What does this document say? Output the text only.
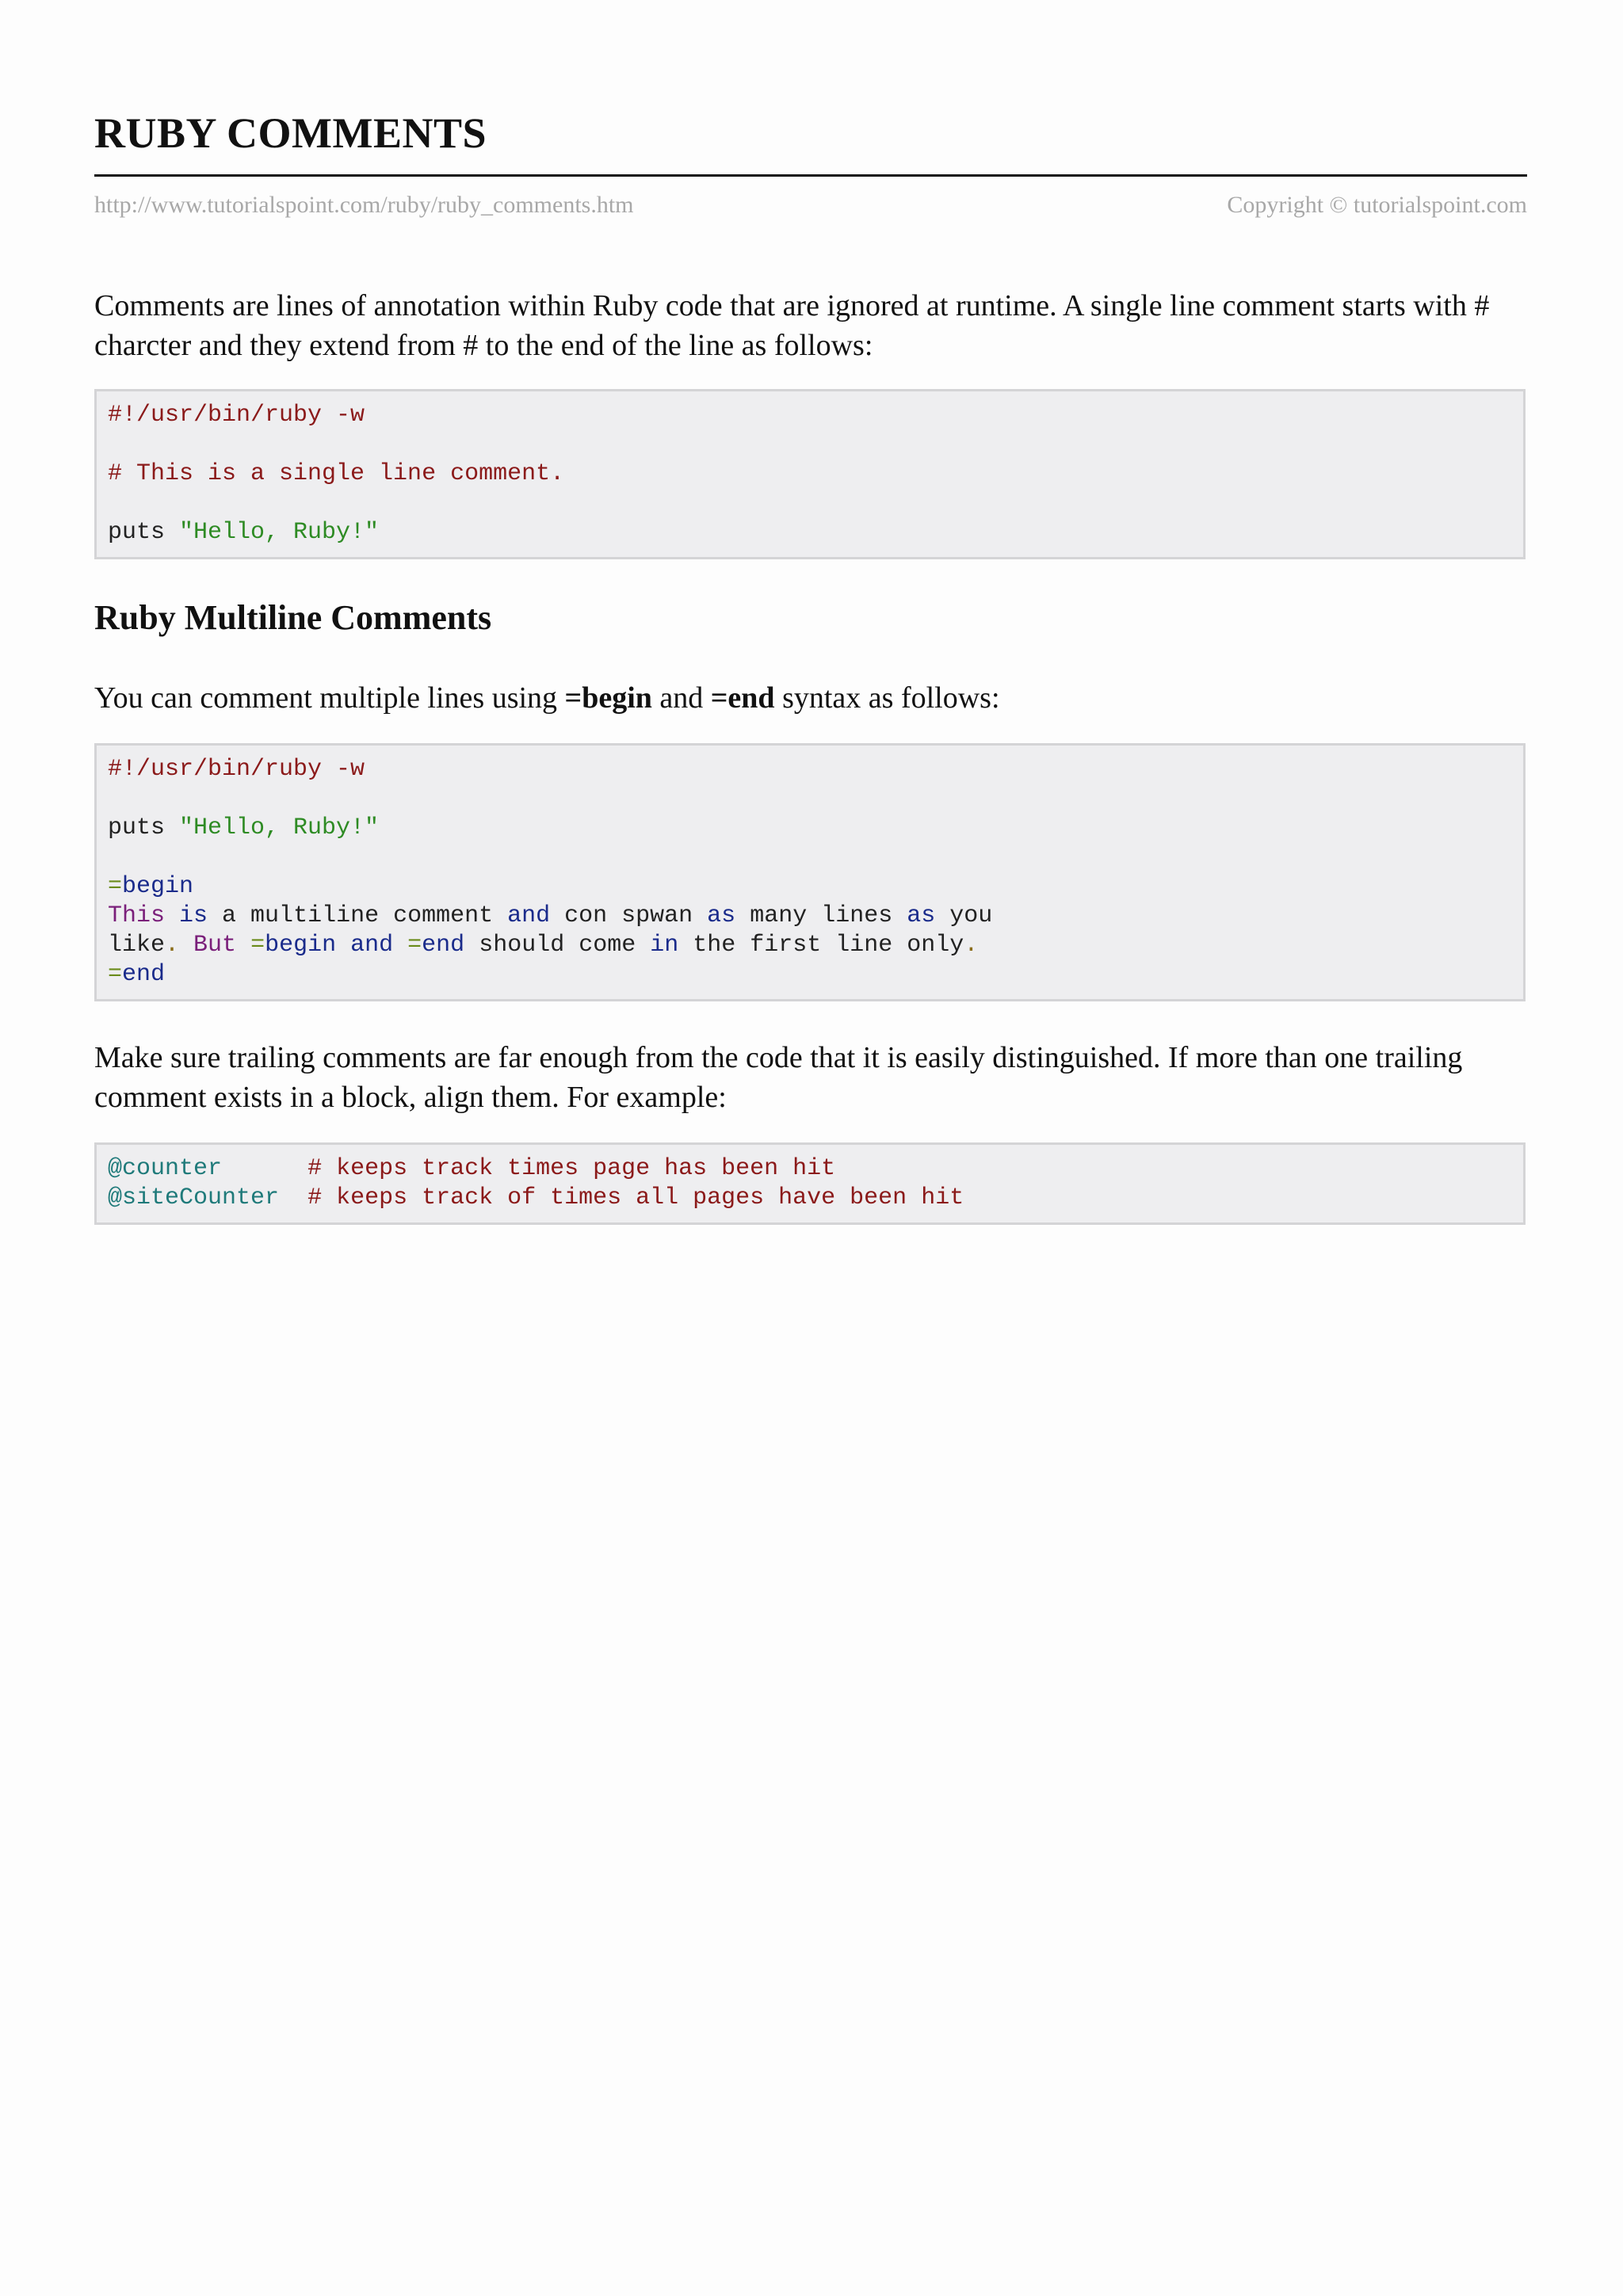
RUBY COMMENTS
http://www.tutorialspoint.com/ruby/ruby_comments.htm	Copyright © tutorialspoint.com

Comments are lines of annotation within Ruby code that are ignored at runtime. A single line comment starts with # charcter and they extend from # to the end of the line as follows:

#!/usr/bin/ruby -w
# This is a single line comment.
puts "Hello, Ruby!"
Ruby Multiline Comments

You can comment multiple lines using =begin and =end syntax as follows:

#!/usr/bin/ruby -w
puts "Hello, Ruby!"
=begin
This is a multiline comment and con spwan as many lines as you
like. But =begin and =end should come in the first line only.
=end

Make sure trailing comments are far enough from the code that it is easily distinguished. If more than one trailing comment exists in a block, align them. For example:

@counter	# keeps track times page has been hit
@siteCounter # keeps track of times all pages have been hit
